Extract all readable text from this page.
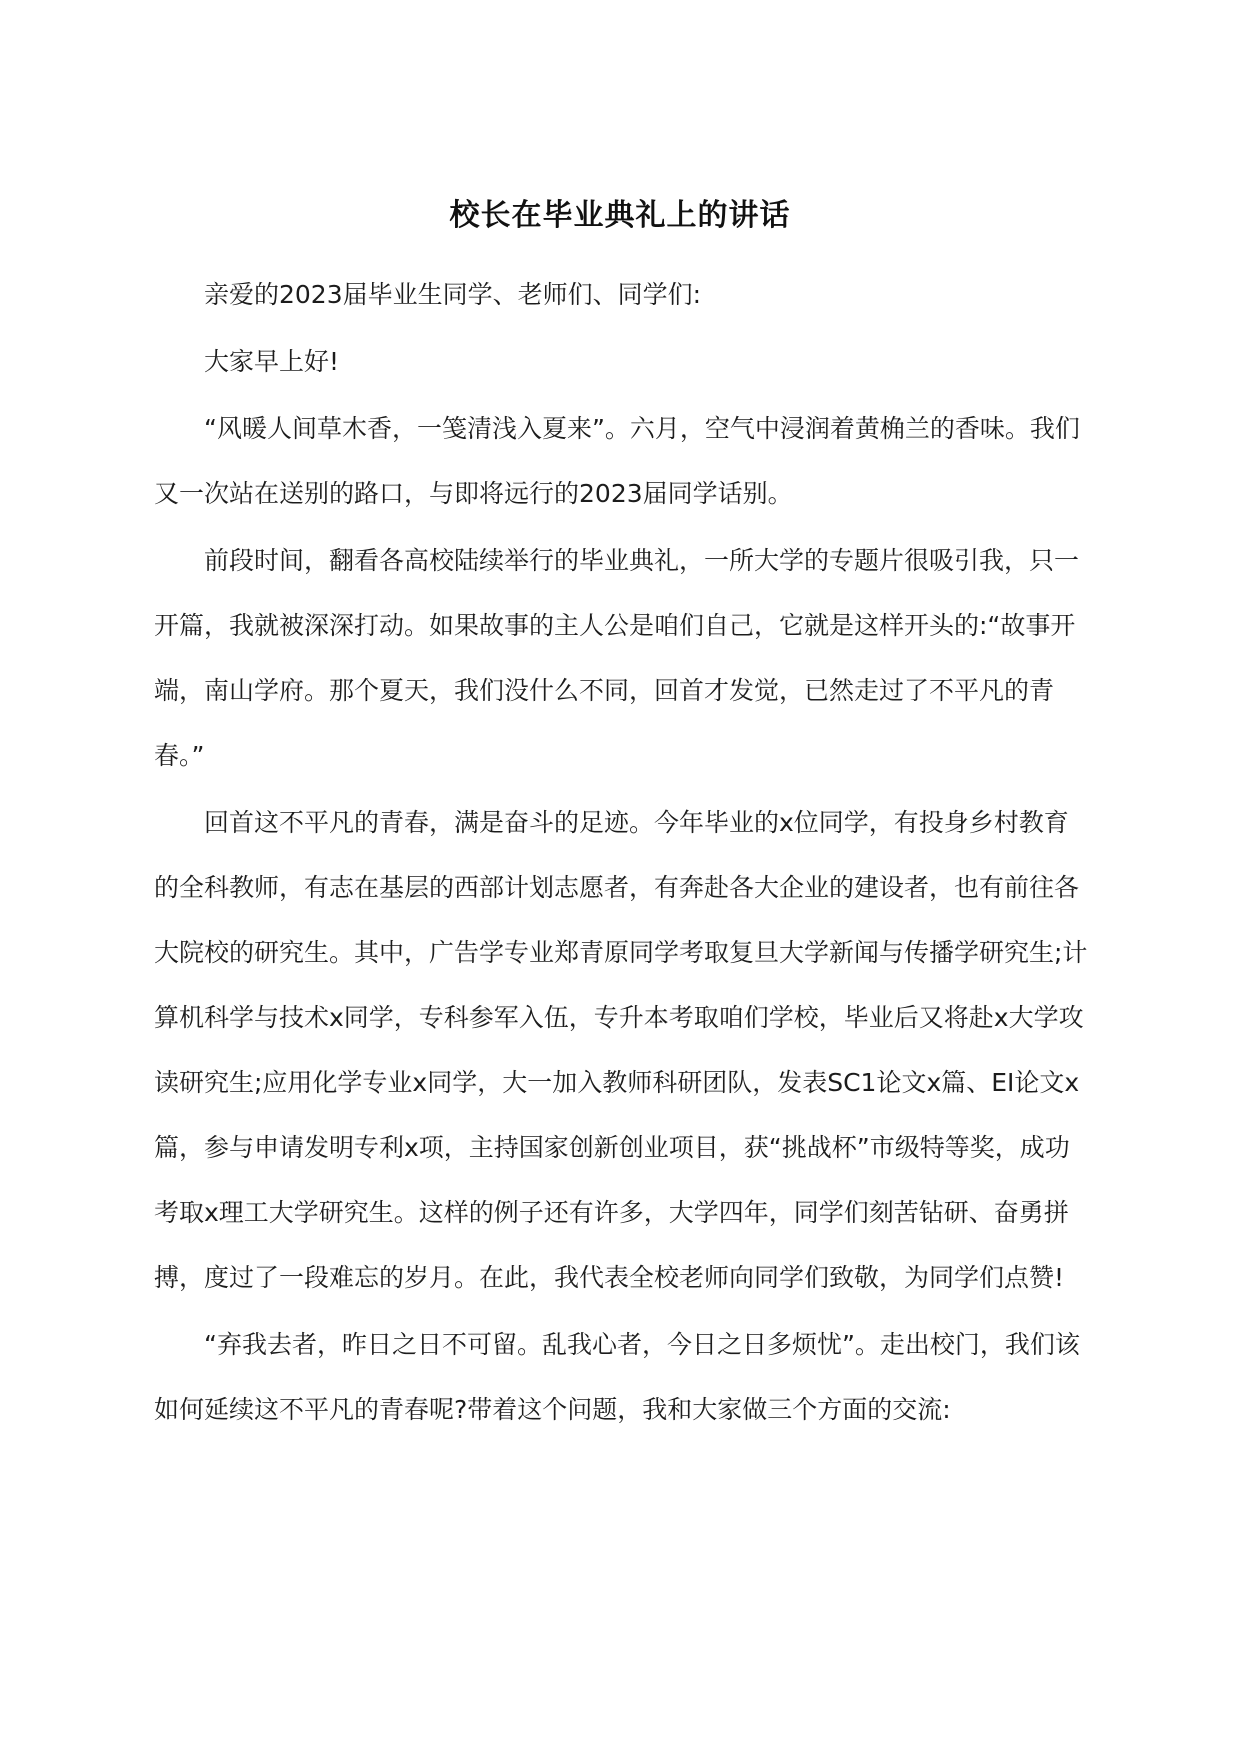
校长在毕业典礼上的讲话

亲爱的2023届毕业生同学、老师们、同学们:

大家早上好!

“风暖人间草木香，一笺清浅入夏来”。六月，空气中浸润着黄桷兰的香味。我们又一次站在送别的路口，与即将远行的2023届同学话别。

前段时间，翻看各高校陆续举行的毕业典礼，一所大学的专题片很吸引我，只一开篇，我就被深深打动。如果故事的主人公是咱们自己，它就是这样开头的:“故事开端，南山学府。那个夏天，我们没什么不同，回首才发觉，已然走过了不平凡的青春。”

回首这不平凡的青春，满是奋斗的足迹。今年毕业的x位同学，有投身乡村教育的全科教师，有志在基层的西部计划志愿者，有奔赴各大企业的建设者，也有前往各大院校的研究生。其中，广告学专业郑青原同学考取复旦大学新闻与传播学研究生;计算机科学与技术x同学，专科参军入伍，专升本考取咱们学校，毕业后又将赴x大学攻读研究生;应用化学专业x同学，大一加入教师科研团队，发表SC1论文x篇、EI论文x篇，参与申请发明专利x项，主持国家创新创业项目，获“挑战杯”市级特等奖，成功考取x理工大学研究生。这样的例子还有许多，大学四年，同学们刻苦钻研、奋勇拼搏，度过了一段难忘的岁月。在此，我代表全校老师向同学们致敬，为同学们点赞!

“弃我去者，昨日之日不可留。乱我心者，今日之日多烦忧”。走出校门，我们该如何延续这不平凡的青春呢?带着这个问题，我和大家做三个方面的交流:
